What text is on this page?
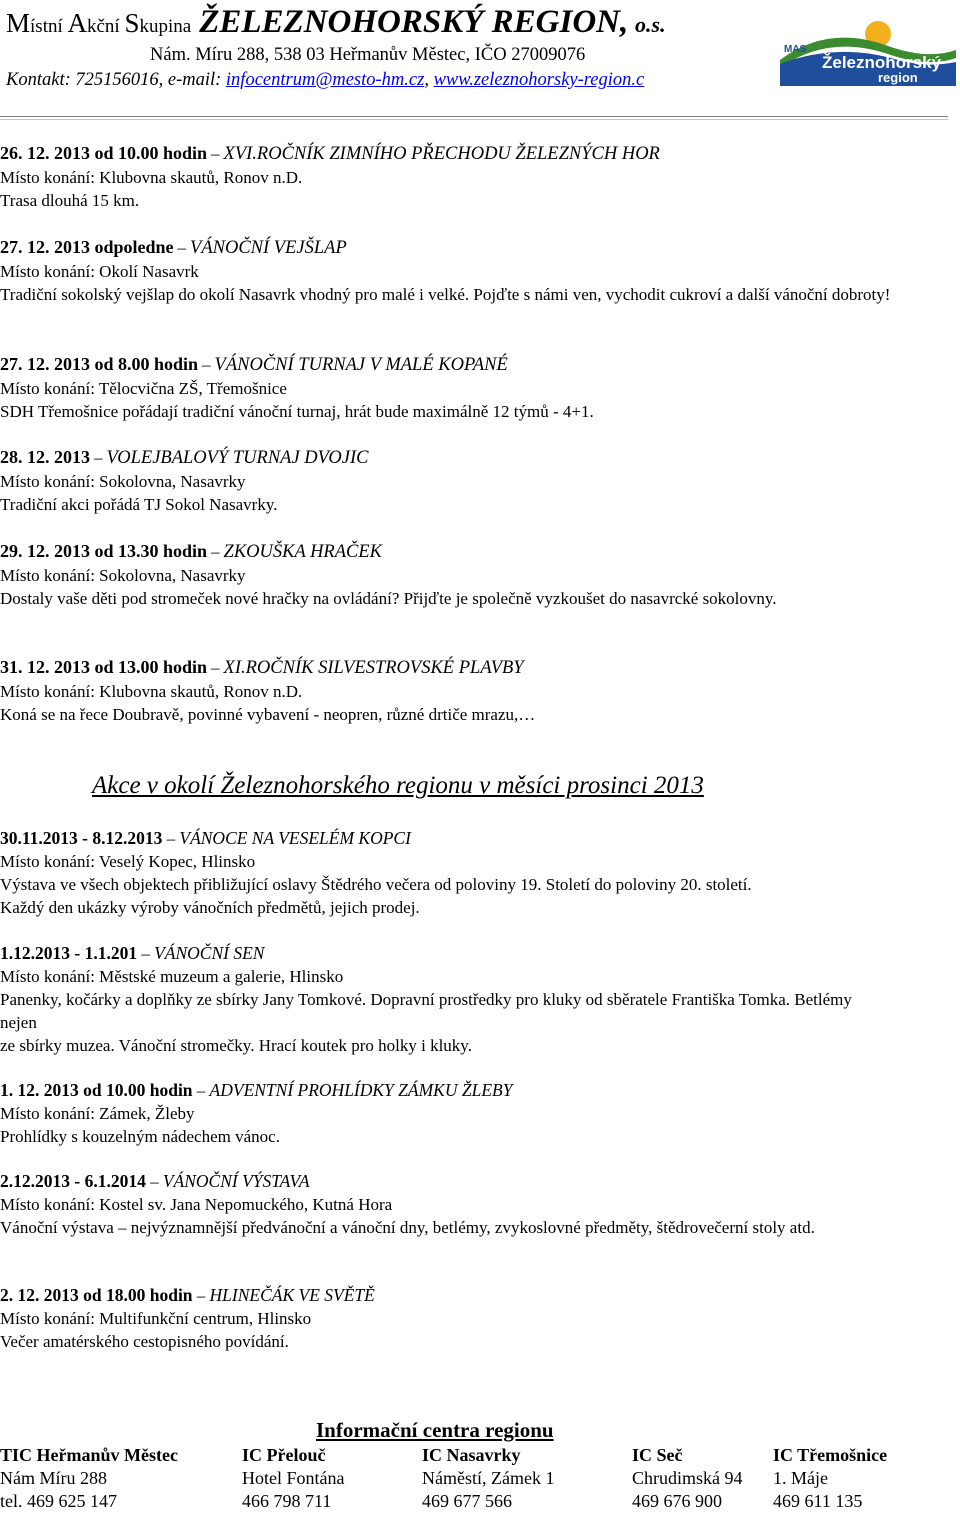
Místní Akční Skupina ŽELEZNOHORSKÝ REGION, o.s.
Nám. Míru 288, 538 03 Heřmanův Městec, IČO 27009076
Kontakt: 725156016, e-mail: infocentrum@mesto-hm.cz, www.zeleznohorsky-region.c
MAS
Železnohorský
region
26. 12. 2013 od 10.00 hodin – XVI.ROČNÍK ZIMNÍHO PŘECHODU ŽELEZNÝCH HOR
Místo konání: Klubovna skautů, Ronov n.D.
Trasa dlouhá 15 km.
27. 12. 2013 odpoledne – VÁNOČNÍ VEJŠLAP
Místo konání: Okolí Nasavrk
Tradiční sokolský vejšlap do okolí Nasavrk vhodný pro malé i velké. Pojďte s námi ven, vychodit cukroví a další vánoční dobroty!
27. 12. 2013 od 8.00 hodin – VÁNOČNÍ TURNAJ V MALÉ KOPANÉ
Místo konání: Tělocvična ZŠ, Třemošnice
SDH Třemošnice pořádají tradiční vánoční turnaj, hrát bude maximálně 12 týmů - 4+1.
28. 12. 2013 – VOLEJBALOVÝ TURNAJ DVOJIC
Místo konání: Sokolovna, Nasavrky
Tradiční akci pořádá TJ Sokol Nasavrky.
29. 12. 2013 od 13.30 hodin – ZKOUŠKA HRAČEK
Místo konání: Sokolovna, Nasavrky
Dostaly vaše děti pod stromeček nové hračky na ovládání? Přijďte je společně vyzkoušet do nasavrcké sokolovny.
31. 12. 2013 od 13.00 hodin – XI.ROČNÍK SILVESTROVSKÉ PLAVBY
Místo konání: Klubovna skautů, Ronov n.D.
Koná se na řece Doubravě, povinné vybavení - neopren, různé drtiče mrazu,…
Akce v okolí Železnohorského regionu v měsíci prosinci 2013
30.11.2013 - 8.12.2013 – VÁNOCE NA VESELÉM KOPCI
Místo konání: Veselý Kopec, Hlinsko
Výstava ve všech objektech přibližující oslavy Štědrého večera od poloviny 19. Století do poloviny 20. století.
Každý den ukázky výroby vánočních předmětů, jejich prodej.
1.12.2013 - 1.1.201 – VÁNOČNÍ SEN
Místo konání: Městské muzeum a galerie, Hlinsko
Panenky, kočárky a doplňky ze sbírky Jany Tomkové. Dopravní prostředky pro kluky od sběratele Františka Tomka. Betlémy nejen
ze sbírky muzea. Vánoční stromečky. Hrací koutek pro holky i kluky.
1. 12. 2013 od 10.00 hodin – ADVENTNÍ PROHLÍDKY ZÁMKU ŽLEBY
Místo konání: Zámek, Žleby
Prohlídky s kouzelným nádechem vánoc.
2.12.2013 - 6.1.2014 – VÁNOČNÍ VÝSTAVA
Místo konání: Kostel sv. Jana Nepomuckého, Kutná Hora
Vánoční výstava – nejvýznamnější předvánoční a vánoční dny, betlémy, zvykoslovné předměty, štědrovečerní stoly atd.
2. 12. 2013 od 18.00 hodin – HLINEČÁK VE SVĚTĚ
Místo konání: Multifunkční centrum, Hlinsko
Večer amatérského cestopisného povídání.
Informační centra regionu
TIC Heřmanův Městec
Nám Míru 288
tel. 469 625 147
IC Přelouč
Hotel Fontána
466 798 711
IC Nasavrky
Náměstí, Zámek 1
469 677 566
IC Seč
Chrudimská 94
469 676 900
IC Třemošnice
1. Máje
469 611 135
